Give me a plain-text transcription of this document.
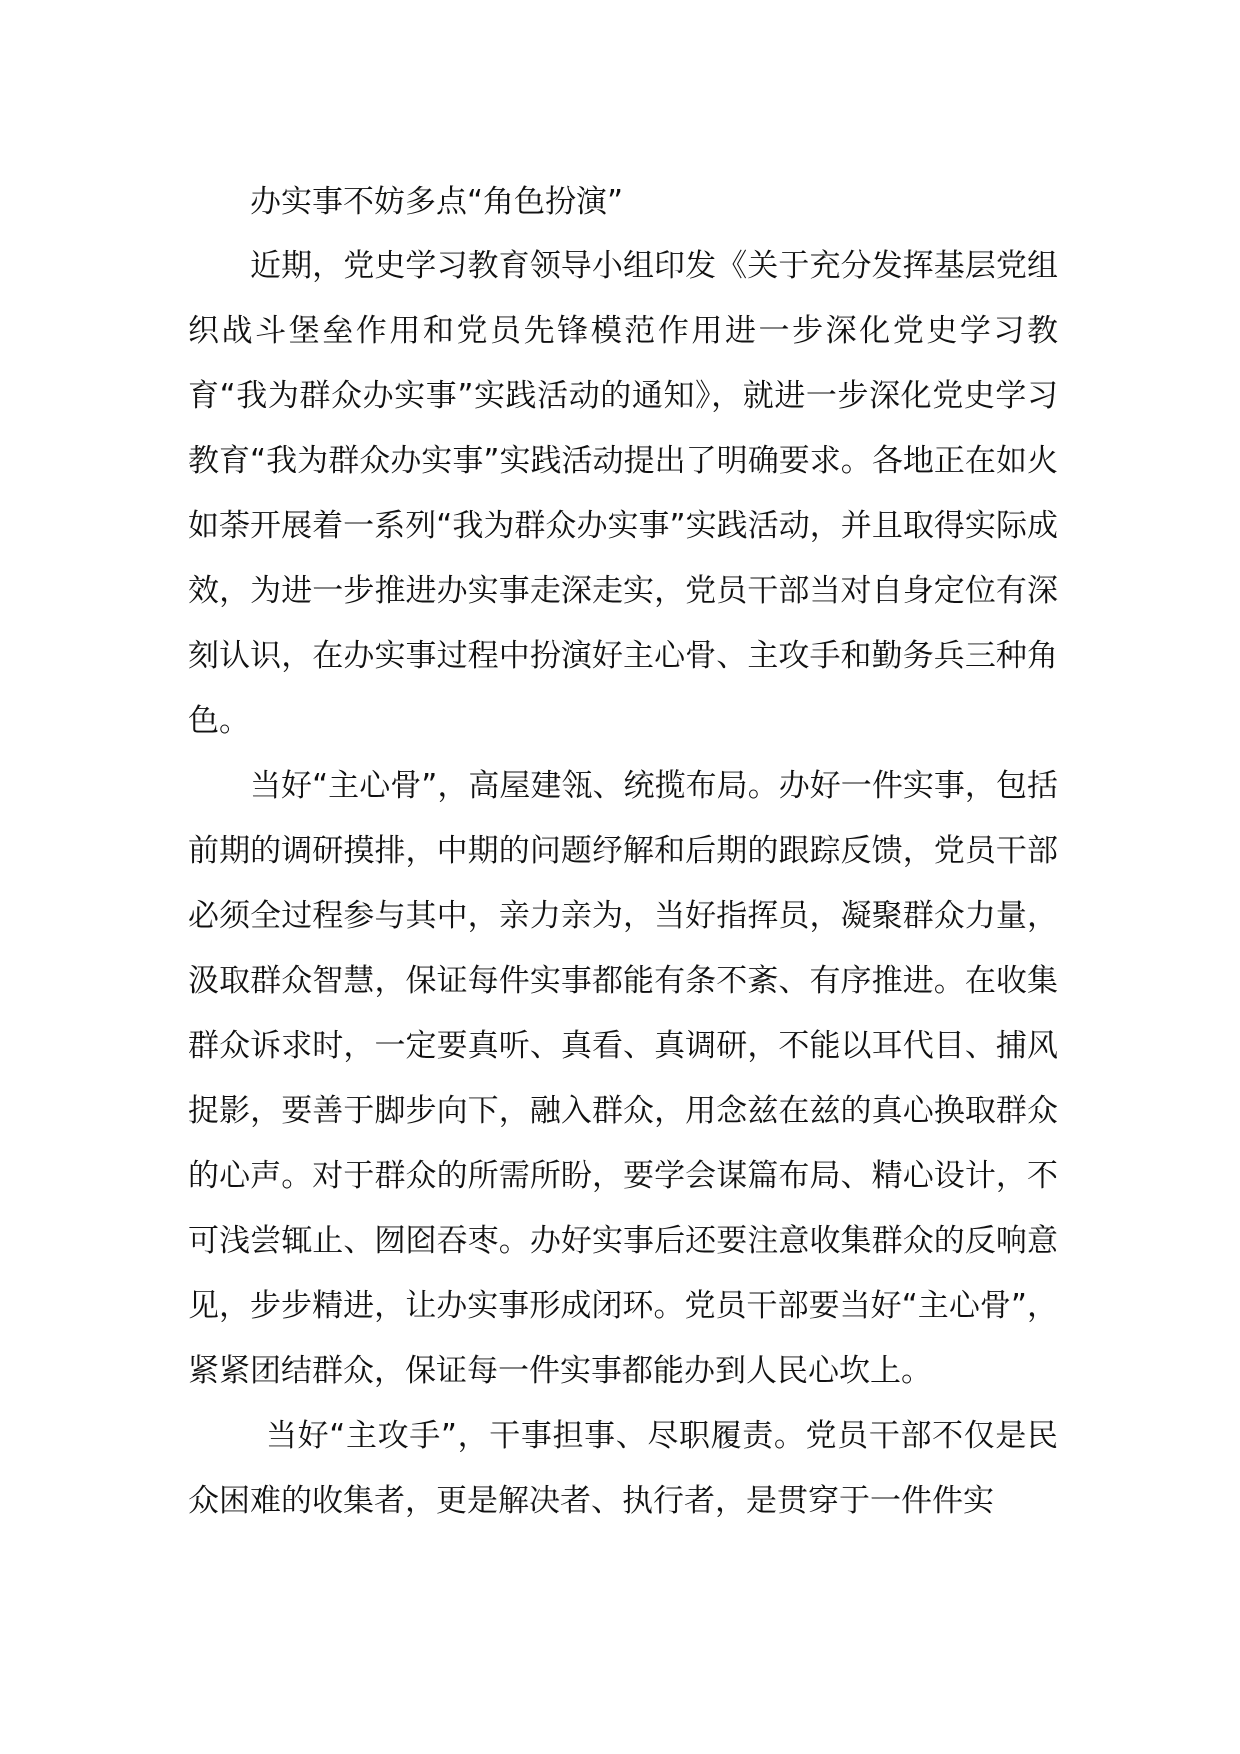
办实事不妨多点“角色扮演”

近期，党史学习教育领导小组印发《关于充分发挥基层党组织战斗堡垒作用和党员先锋模范作用进一步深化党史学习教育“我为群众办实事”实践活动的通知》，就进一步深化党史学习教育“我为群众办实事”实践活动提出了明确要求。各地正在如火如荼开展着一系列“我为群众办实事”实践活动，并且取得实际成效，为进一步推进办实事走深走实，党员干部当对自身定位有深刻认识，在办实事过程中扮演好主心骨、主攻手和勤务兵三种角色。

当好“主心骨”，高屋建瓴、统揽布局。办好一件实事，包括前期的调研摸排，中期的问题纾解和后期的跟踪反馈，党员干部必须全过程参与其中，亲力亲为，当好指挥员，凝聚群众力量，汲取群众智慧，保证每件实事都能有条不紊、有序推进。在收集群众诉求时，一定要真听、真看、真调研，不能以耳代目、捕风捉影，要善于脚步向下，融入群众，用念兹在兹的真心换取群众的心声。对于群众的所需所盼，要学会谋篇布局、精心设计，不可浅尝辄止、囫囵吞枣。办好实事后还要注意收集群众的反响意见，步步精进，让办实事形成闭环。党员干部要当好“主心骨”，紧紧团结群众，保证每一件实事都能办到人民心坎上。

当好“主攻手”，干事担事、尽职履责。党员干部不仅是民众困难的收集者，更是解决者、执行者，是贯穿于一件件实
